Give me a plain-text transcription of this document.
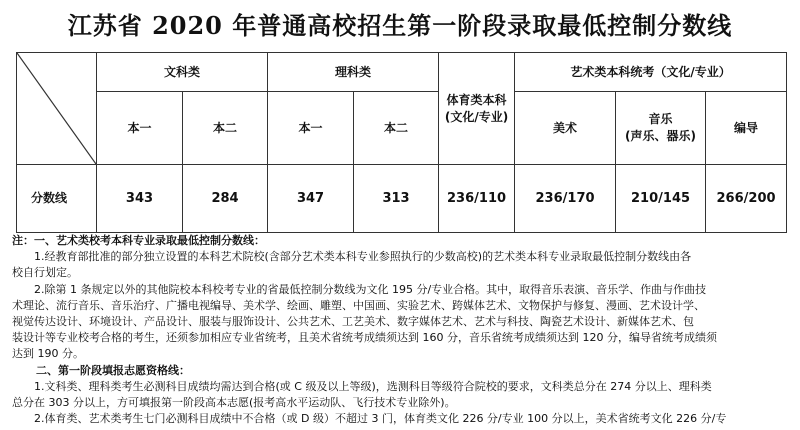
江苏省 2020 年普通高校招生第一阶段录取最低控制分数线
	文科类		理科类		体育类本科
(文化/专业)	艺术类本科统考（文化/专业）		
	本一	本二	本一	本二		美术	音乐
(声乐、器乐)	编导
分数线	343	284	347	313	236/110	236/170	210/145	266/200

注：一、艺术类校考本科专业录取最低控制分数线：

1.经教育部批准的部分独立设置的本科艺术院校(含部分艺术类本科专业参照执行的少数高校)的艺术类本科专业录取最低控制分数线由各

校自行划定。

2.除第 1 条规定以外的其他院校本科校考专业的省最低控制分数线为文化 195 分/专业合格。其中，取得音乐表演、音乐学、作曲与作曲技

术理论、流行音乐、音乐治疗、广播电视编导、美术学、绘画、雕塑、中国画、实验艺术、跨媒体艺术、文物保护与修复、漫画、艺术设计学、

视觉传达设计、环境设计、产品设计、服装与服饰设计、公共艺术、工艺美术、数字媒体艺术、艺术与科技、陶瓷艺术设计、新媒体艺术、包

装设计等专业校考合格的考生，还须参加相应专业省统考，且美术省统考成绩须达到 160 分，音乐省统考成绩须达到 120 分，编导省统考成绩须

达到 190 分。

二、第一阶段填报志愿资格线：

1.文科类、理科类考生必测科目成绩均需达到合格(或 C 级及以上等级)，选测科目等级符合院校的要求，文科类总分在 274 分以上、理科类

总分在 303 分以上，方可填报第一阶段高本志愿(报考高水平运动队、飞行技术专业除外)。

2.体育类、艺术类考生七门必测科目成绩中不合格（或 D 级）不超过 3 门，体育类文化 226 分/专业 100 分以上，美术省统考文化 226 分/专
